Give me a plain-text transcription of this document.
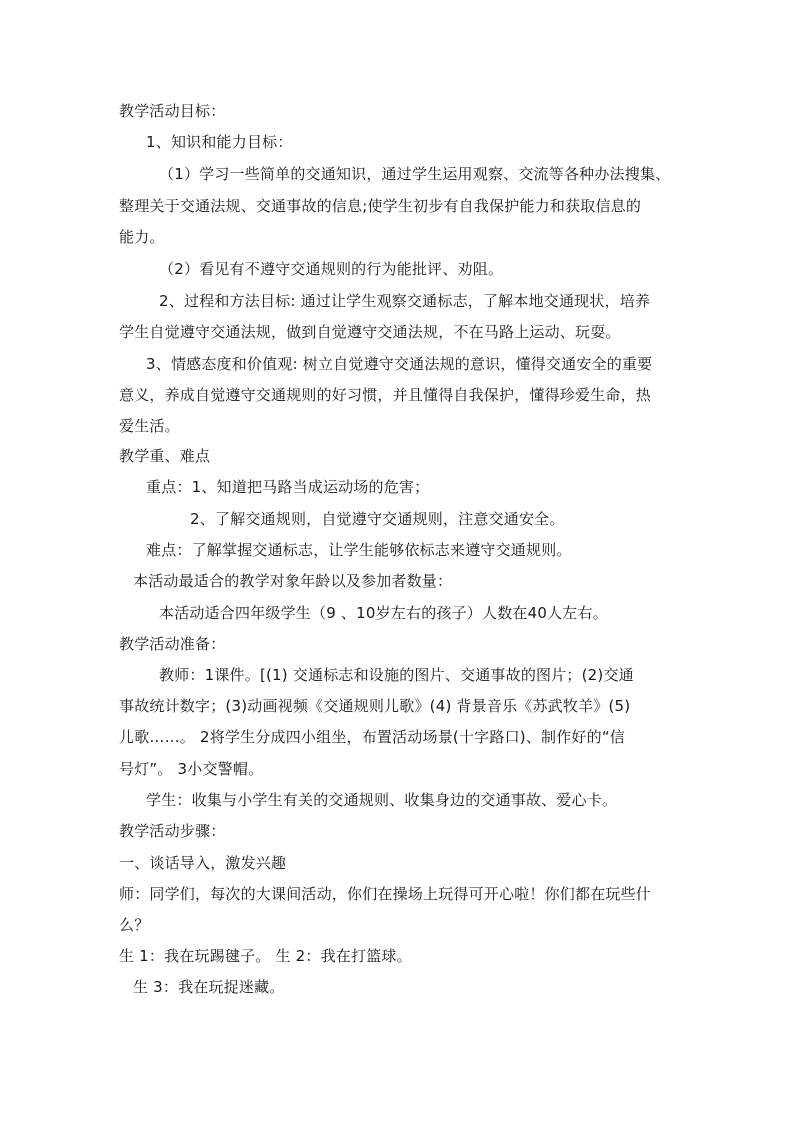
教学活动目标：
1、知识和能力目标：
（1）学习一些简单的交通知识，通过学生运用观察、交流等各种办法搜集、
整理关于交通法规、交通事故的信息;使学生初步有自我保护能力和获取信息的
能力。
（2）看见有不遵守交通规则的行为能批评、劝阻。
2、过程和方法目标: 通过让学生观察交通标志，了解本地交通现状，培养
学生自觉遵守交通法规，做到自觉遵守交通法规，不在马路上运动、玩耍。
3、情感态度和价值观: 树立自觉遵守交通法规的意识，懂得交通安全的重要
意义，养成自觉遵守交通规则的好习惯，并且懂得自我保护，懂得珍爱生命，热
爱生活。
教学重、难点
重点：1、知道把马路当成运动场的危害；
2、了解交通规则，自觉遵守交通规则，注意交通安全。
难点：了解掌握交通标志，让学生能够依标志来遵守交通规则。
本活动最适合的教学对象年龄以及参加者数量：
本活动适合四年级学生（9 、10岁左右的孩子）人数在40人左右。
教学活动准备：
教师：1课件。[(1) 交通标志和设施的图片、交通事故的图片；(2)交通
事故统计数字；(3)动画视频《交通规则儿歌》(4) 背景音乐《苏武牧羊》(5)
儿歌……。 2将学生分成四小组坐，布置活动场景(十字路口)、制作好的“信
号灯”。 3小交警帽。
学生：收集与小学生有关的交通规则、收集身边的交通事故、爱心卡。
教学活动步骤：
一、谈话导入，激发兴趣
师：同学们，每次的大课间活动，你们在操场上玩得可开心啦！你们都在玩些什
么？
生 1：我在玩踢毽子。 生 2：我在打篮球。
生 3：我在玩捉迷藏。
